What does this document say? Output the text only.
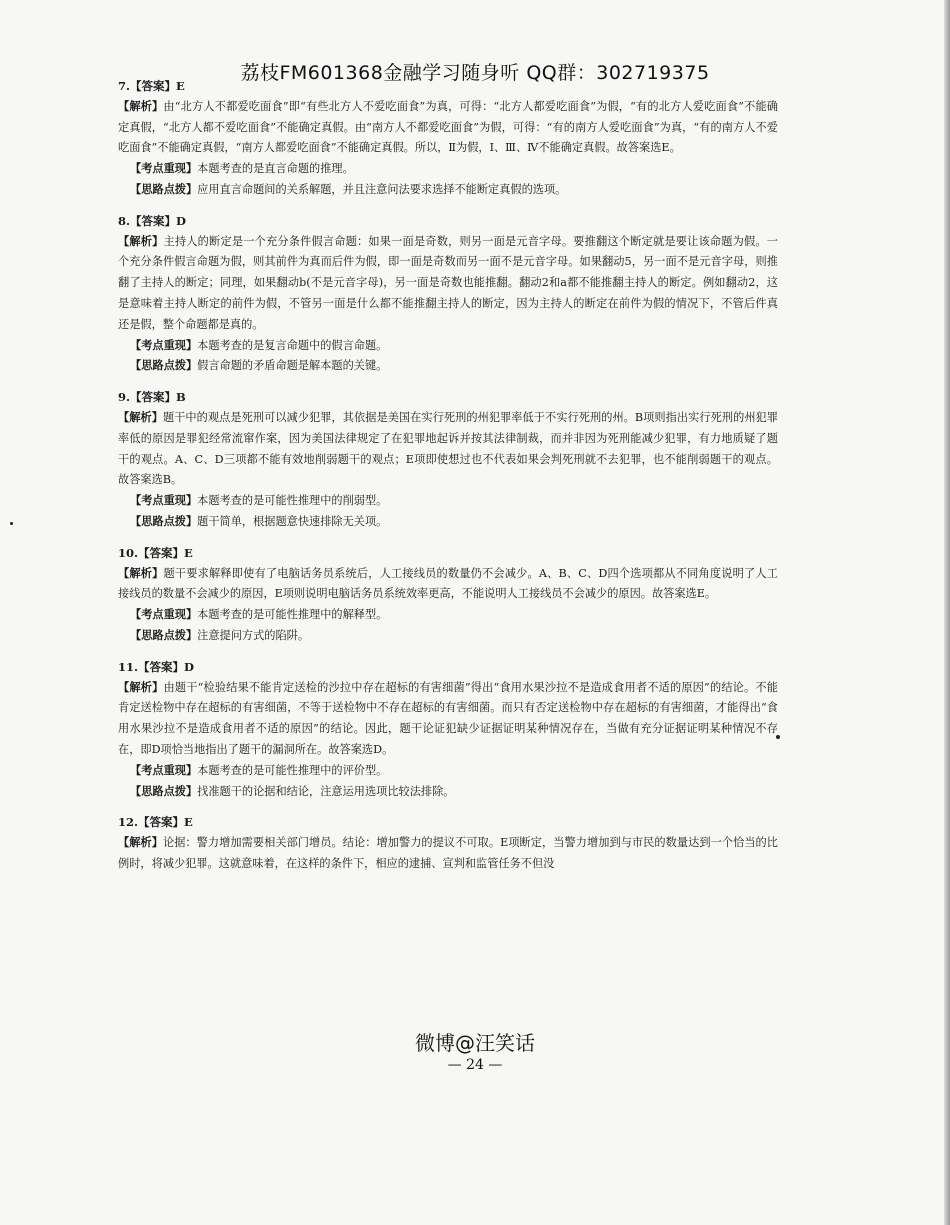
荔枝FM601368金融学习随身听 QQ群：302719375
7.【答案】E
【解析】由“北方人不都爱吃面食”即“有些北方人不爱吃面食”为真，可得：“北方人都爱吃面食”为假，“有的北方人爱吃面食”不能确定真假，“北方人都不爱吃面食”不能确定真假。由“南方人不都爱吃面食”为假，可得：“有的南方人爱吃面食”为真，“有的南方人不爱吃面食”不能确定真假，“南方人都爱吃面食”不能确定真假。所以，Ⅱ为假，Ⅰ、Ⅲ、Ⅳ不能确定真假。故答案选E。
【考点重现】本题考查的是直言命题的推理。
【思路点拨】应用直言命题间的关系解题，并且注意问法要求选择不能断定真假的选项。
8.【答案】D
【解析】主持人的断定是一个充分条件假言命题：如果一面是奇数，则另一面是元音字母。要推翻这个断定就是要让该命题为假。一个充分条件假言命题为假，则其前件为真而后件为假，即一面是奇数而另一面不是元音字母。如果翻动5，另一面不是元音字母，则推翻了主持人的断定；同理，如果翻动b(不是元音字母)，另一面是奇数也能推翻。翻动2和a都不能推翻主持人的断定。例如翻动2，这是意味着主持人断定的前件为假，不管另一面是什么都不能推翻主持人的断定，因为主持人的断定在前件为假的情况下，不管后件真还是假，整个命题都是真的。
【考点重现】本题考查的是复言命题中的假言命题。
【思路点拨】假言命题的矛盾命题是解本题的关键。
9.【答案】B
【解析】题干中的观点是死刑可以减少犯罪，其依据是美国在实行死刑的州犯罪率低于不实行死刑的州。B项则指出实行死刑的州犯罪率低的原因是罪犯经常流窜作案，因为美国法律规定了在犯罪地起诉并按其法律制裁，而并非因为死刑能减少犯罪，有力地质疑了题干的观点。A、C、D三项都不能有效地削弱题干的观点；E项即使想过也不代表如果会判死刑就不去犯罪，也不能削弱题干的观点。故答案选B。
【考点重现】本题考查的是可能性推理中的削弱型。
【思路点拨】题干简单，根据题意快速排除无关项。
10.【答案】E
【解析】题干要求解释即使有了电脑话务员系统后，人工接线员的数量仍不会减少。A、B、C、D四个选项都从不同角度说明了人工接线员的数量不会减少的原因，E项则说明电脑话务员系统效率更高，不能说明人工接线员不会减少的原因。故答案选E。
【考点重现】本题考查的是可能性推理中的解释型。
【思路点拨】注意提问方式的陷阱。
11.【答案】D
【解析】由题干“检验结果不能肯定送检的沙拉中存在超标的有害细菌”得出“食用水果沙拉不是造成食用者不适的原因”的结论。不能肯定送检物中存在超标的有害细菌，不等于送检物中不存在超标的有害细菌。而只有否定送检物中存在超标的有害细菌，才能得出“食用水果沙拉不是造成食用者不适的原因”的结论。因此，题干论证犯缺少证据证明某种情况存在，当做有充分证据证明某种情况不存在，即D项恰当地指出了题干的漏洞所在。故答案选D。
【考点重现】本题考查的是可能性推理中的评价型。
【思路点拨】找准题干的论据和结论，注意运用选项比较法排除。
12.【答案】E
【解析】论据：警力增加需要相关部门增员。结论：增加警力的提议不可取。E项断定，当警力增加到与市民的数量达到一个恰当的比例时，将减少犯罪。这就意味着，在这样的条件下，相应的逮捕、宣判和监管任务不但没
微博@汪笑话
— 24 —
